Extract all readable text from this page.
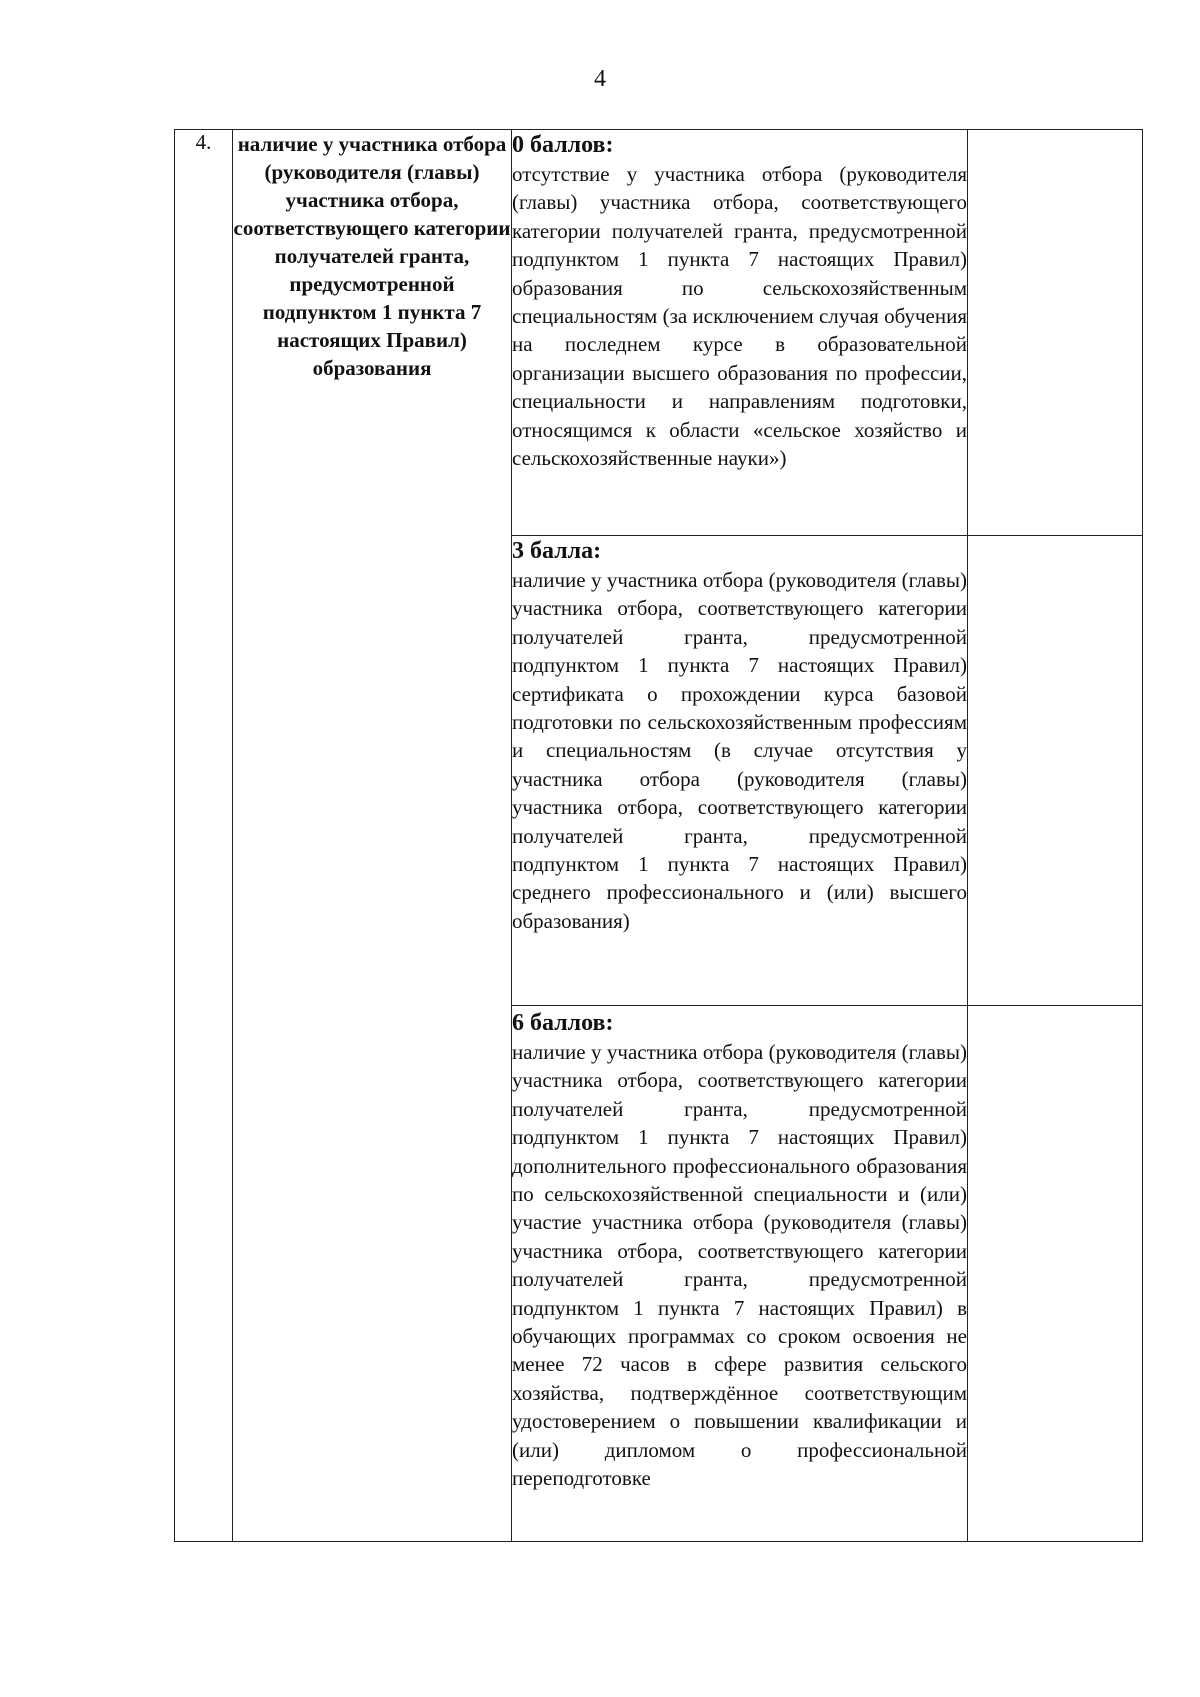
4
4.	наличие у участника отбора (руководителя (главы) участника отбора, соответствующего категории получателей гранта, предусмотренной подпунктом 1 пункта 7 настоящих Правил) образования	0 баллов:
отсутствие у участника отбора (руководителя (главы) участника отбора, соответствующего категории получателей гранта, предусмотренной подпунктом 1 пункта 7 настоящих Правил) образования по сельскохозяйственным специальностям (за исключением случая обучения на последнем курсе в образовательной организации высшего образования по профессии, специальности и направлениям подготовки, относящимся к области «сельское хозяйство и сельскохозяйственные науки»)	

		3 балла:
наличие у участника отбора (руководителя (главы) участника отбора, соответствующего категории получателей гранта, предусмотренной подпунктом 1 пункта 7 настоящих Правил) сертификата о прохождении курса базовой подготовки по сельскохозяйственным профессиям и специальностям (в случае отсутствия у участника отбора (руководителя (главы) участника отбора, соответствующего категории получателей гранта, предусмотренной подпунктом 1 пункта 7 настоящих Правил) среднего профессионального и (или) высшего образования)	

		6 баллов:
наличие у участника отбора (руководителя (главы) участника отбора, соответствующего категории получателей гранта, предусмотренной подпунктом 1 пункта 7 настоящих Правил) дополнительного профессионального образования по сельскохозяйственной специальности и (или) участие участника отбора (руководителя (главы) участника отбора, соответствующего категории получателей гранта, предусмотренной подпунктом 1 пункта 7 настоящих Правил) в обучающих программах со сроком освоения не менее 72 часов в сфере развития сельского хозяйства, подтверждённое соответствующим удостоверением о повышении квалификации и (или) дипломом о профессиональной переподготовке	
